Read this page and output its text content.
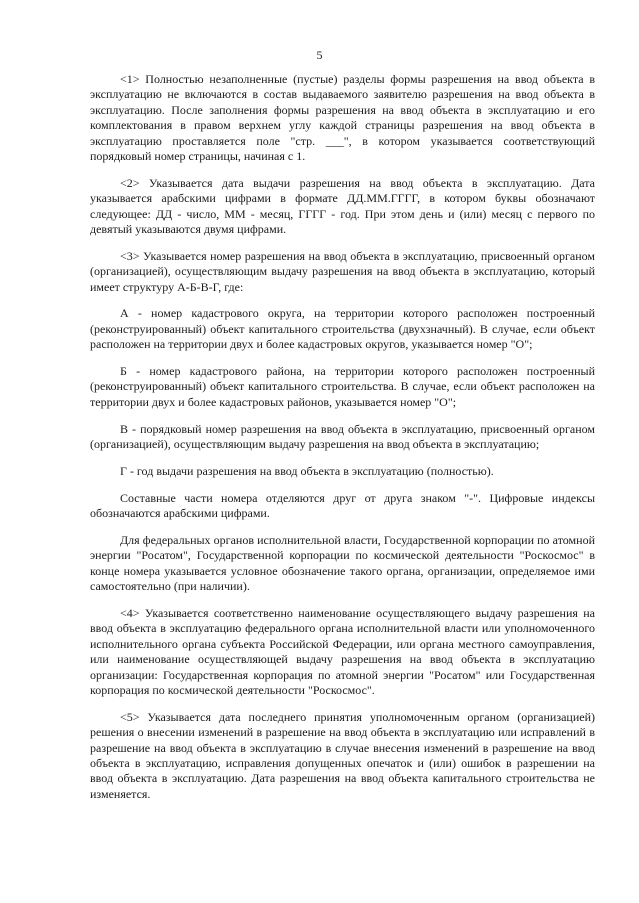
5

<1> Полностью незаполненные (пустые) разделы формы разрешения на ввод объекта в эксплуатацию не включаются в состав выдаваемого заявителю разрешения на ввод объекта в эксплуатацию. После заполнения формы разрешения на ввод объекта в эксплуатацию и его комплектования в правом верхнем углу каждой страницы разрешения на ввод объекта в эксплуатацию проставляется поле "стр. ___", в котором указывается соответствующий порядковый номер страницы, начиная с 1.

<2> Указывается дата выдачи разрешения на ввод объекта в эксплуатацию. Дата указывается арабскими цифрами в формате ДД.ММ.ГГГГ, в котором буквы обозначают следующее: ДД - число, ММ - месяц, ГГГГ - год. При этом день и (или) месяц с первого по девятый указываются двумя цифрами.

<3> Указывается номер разрешения на ввод объекта в эксплуатацию, присвоенный органом (организацией), осуществляющим выдачу разрешения на ввод объекта в эксплуатацию, который имеет структуру А-Б-В-Г, где:

А - номер кадастрового округа, на территории которого расположен построенный (реконструированный) объект капитального строительства (двухзначный). В случае, если объект расположен на территории двух и более кадастровых округов, указывается номер "О";

Б - номер кадастрового района, на территории которого расположен построенный (реконструированный) объект капитального строительства. В случае, если объект расположен на территории двух и более кадастровых районов, указывается номер "О";

В - порядковый номер разрешения на ввод объекта в эксплуатацию, присвоенный органом (организацией), осуществляющим выдачу разрешения на ввод объекта в эксплуатацию;

Г - год выдачи разрешения на ввод объекта в эксплуатацию (полностью).

Составные части номера отделяются друг от друга знаком "-". Цифровые индексы обозначаются арабскими цифрами.

Для федеральных органов исполнительной власти, Государственной корпорации по атомной энергии "Росатом", Государственной корпорации по космической деятельности "Роскосмос" в конце номера указывается условное обозначение такого органа, организации, определяемое ими самостоятельно (при наличии).

<4> Указывается соответственно наименование осуществляющего выдачу разрешения на ввод объекта в эксплуатацию федерального органа исполнительной власти или уполномоченного исполнительного органа субъекта Российской Федерации, или органа местного самоуправления, или наименование осуществляющей выдачу разрешения на ввод объекта в эксплуатацию организации: Государственная корпорация по атомной энергии "Росатом" или Государственная корпорация по космической деятельности "Роскосмос".

<5> Указывается дата последнего принятия уполномоченным органом (организацией) решения о внесении изменений в разрешение на ввод объекта в эксплуатацию или исправлений в разрешение на ввод объекта в эксплуатацию в случае внесения изменений в разрешение на ввод объекта в эксплуатацию, исправления допущенных опечаток и (или) ошибок в разрешении на ввод объекта в эксплуатацию. Дата разрешения на ввод объекта капитального строительства не изменяется.
